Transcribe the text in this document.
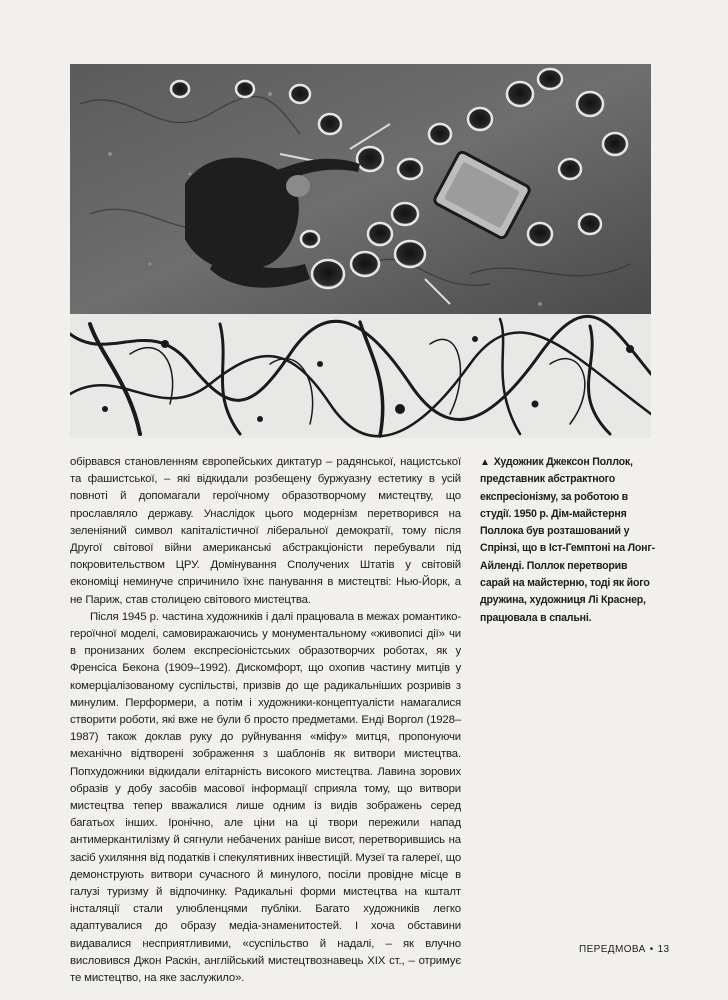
обірвався становленням європейських диктатур – радянської, нацистської та фашистської, – які відкидали розбещену буржуазну естетику в усій повноті й допомагали героїчному образотворчому мистецтву, що прославляло державу. Унаслідок цього модернізм перетворився на зеленіяний символ капіталістичної ліберальної демократії, тому після Другої світової війни американські абстракціоністи перебували під покровительством ЦРУ. Домінування Сполучених Штатів у світовій економіці неминуче спричинило їхнє панування в мистецтві: Нью-Йорк, а не Париж, став столицею світового мистецтва.

Після 1945 р. частина художників і далі працювала в межах романтико-героїчної моделі, самовиражаючись у монументальному «живописі дії» чи в пронизаних болем експресіоністських образотворчих роботах, як у Френсіса Бекона (1909–1992). Дискомфорт, що охопив частину митців у комерціалізованому суспільстві, призвів до ще радикальніших розривів з минулим. Перформери, а потім і художники-концептуалісти намагалися створити роботи, які вже не були б просто предметами. Енді Воргол (1928–1987) також доклав руку до руйнування «міфу» митця, пропонуючи механічно відтворені зображення з шаблонів як витвори мистецтва. Попхудожники відкидали елітарність високого мистецтва. Лавина зорових образів у добу засобів масової інформації сприяла тому, що витвори мистецтва тепер вважалися лише одним із видів зображень серед багатьох інших. Іронічно, але ціни на ці твори пережили напад антимеркантилізму й сягнули небачених раніше висот, перетворившись на засіб ухиляння від податків і спекулятивних інвестицій. Музеї та галереї, що демонструють витвори сучасного й минулого, посіли провідне місце в галузі туризму й відпочинку. Радикальні форми мистецтва на кшталт інсталяції стали улюбленцями публіки. Багато художників легко адаптувалися до образу медіа-знаменитостей. І хоча обставини видавалися несприятливими, «суспільство й надалі, – як влучно висловився Джон Раскін, англійський мистецтвознавець XIX ст., – отримує те мистецтво, на яке заслужило».

▲ Художник Джексон Поллок, представник абстрактного експресіонізму, за роботою в студії. 1950 р. Дім-майстерня Поллока був розташований у Спрінзі, що в Іст-Гемптоні на Лонг-Айленді. Поллок перетворив сарай на майстерню, тоді як його дружина, художниця Лі Краснер, працювала в спальні.
ПЕРЕДМОВА • 13
